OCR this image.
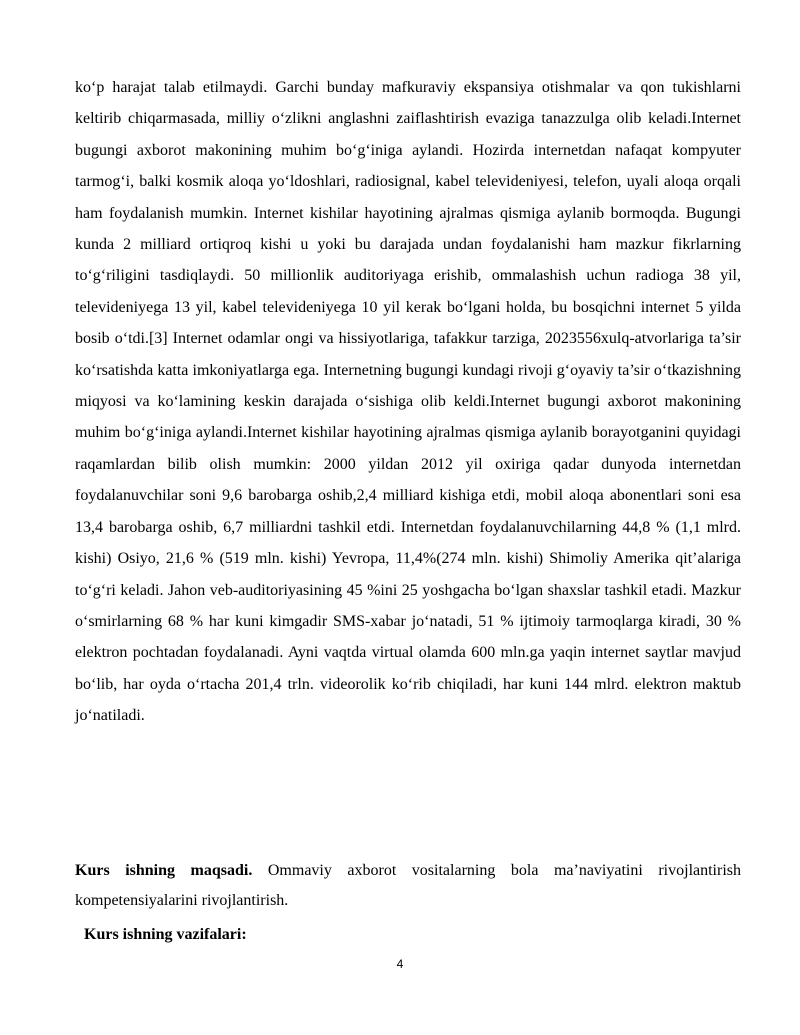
ko‘p harajat talab etilmaydi. Garchi bunday mafkuraviy ekspansiya otishmalar va qon tukishlarni keltirib chiqarmasada, milliy o‘zlikni anglashni zaiflashtirish evaziga tanazzulga olib keladi.Internet bugungi axborot makonining muhim bo‘g‘iniga aylandi. Hozirda internetdan nafaqat kompyuter tarmog‘i, balki kosmik aloqa yo‘ldoshlari, radiosignal, kabel televideniyesi, telefon, uyali aloqa orqali ham foydalanish mumkin. Internet kishilar hayotining ajralmas qismiga aylanib bormoqda. Bugungi kunda 2 milliard ortiqroq kishi u yoki bu darajada undan foydalanishi ham mazkur fikrlarning to‘g‘riligini tasdiqlaydi. 50 millionlik auditoriyaga erishib, ommalashish uchun radioga 38 yil, televideniyega 13 yil, kabel televideniyega 10 yil kerak bo‘lgani holda, bu bosqichni internet 5 yilda bosib o‘tdi.[3] Internet odamlar ongi va hissiyotlariga, tafakkur tarziga, 2023556xulq-atvorlariga ta’sir ko‘rsatishda katta imkoniyatlarga ega. Internetning bugungi kundagi rivoji g‘oyaviy ta’sir o‘tkazishning miqyosi va ko‘lamining keskin darajada o‘sishiga olib keldi.Internet bugungi axborot makonining muhim bo‘g‘iniga aylandi.Internet kishilar hayotining ajralmas qismiga aylanib borayotganini quyidagi raqamlardan bilib olish mumkin: 2000 yildan 2012 yil oxiriga qadar dunyoda internetdan foydalanuvchilar soni 9,6 barobarga oshib,2,4 milliard kishiga etdi, mobil aloqa abonentlari soni esa 13,4 barobarga oshib, 6,7 milliardni tashkil etdi. Internetdan foydalanuvchilarning 44,8 % (1,1 mlrd. kishi) Osiyo, 21,6 % (519 mln. kishi) Yevropa, 11,4%(274 mln. kishi) Shimoliy Amerika qit’alariga to‘g‘ri keladi. Jahon veb-auditoriyasining 45 %ini 25 yoshgacha bo‘lgan shaxslar tashkil etadi. Mazkur o‘smirlarning 68 % har kuni kimgadir SMS-xabar jo‘natadi, 51 % ijtimoiy tarmoqlarga kiradi, 30 % elektron pochtadan foydalanadi. Ayni vaqtda virtual olamda 600 mln.ga yaqin internet saytlar mavjud bo‘lib, har oyda o‘rtacha 201,4 trln. videorolik ko‘rib chiqiladi, har kuni 144 mlrd. elektron maktub jo‘natiladi.

Kurs ishning maqsadi. Ommaviy axborot vositalarning bola ma’naviyatini rivojlantirish kompetensiyalarini rivojlantirish.

Kurs ishning vazifalari:

4
